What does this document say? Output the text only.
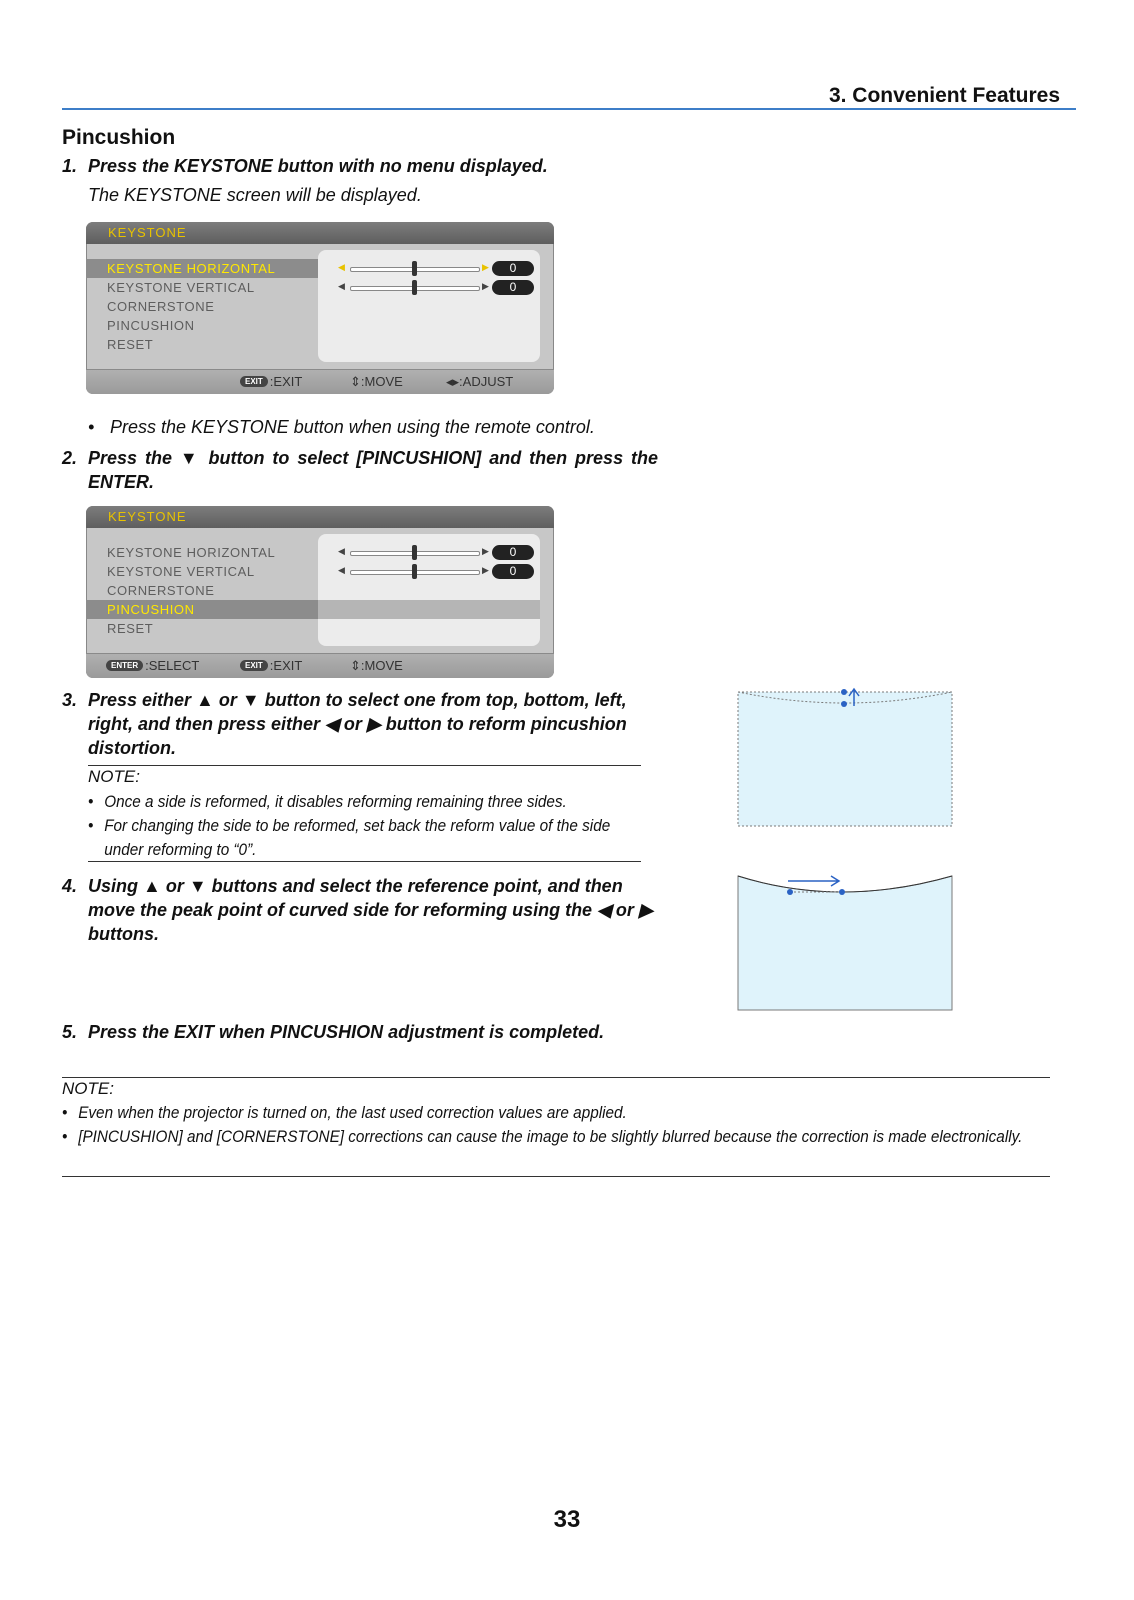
3. Convenient Features
Pincushion
1. Press the KEYSTONE button with no menu displayed.
The KEYSTONE screen will be displayed.
KEYSTONE
KEYSTONE HORIZONTAL
KEYSTONE VERTICAL
CORNERSTONE
PINCUSHION
RESET
◀	▶	0
◀	▶	0
EXIT :EXIT	⇕:MOVE	◂▸:ADJUST
• Press the KEYSTONE button when using the remote control.
2. Press the ▼ button to select [PINCUSHION] and then press the ENTER.
KEYSTONE
KEYSTONE HORIZONTAL
KEYSTONE VERTICAL
CORNERSTONE
PINCUSHION
RESET
◀	▶	0
◀	▶	0
ENTER :SELECT	EXIT :EXIT	⇕:MOVE
3. Press either ▲ or ▼ button to select one from top, bottom, left, right, and then press either ◀ or ▶ button to reform pincushion distortion.
NOTE:
• Once a side is reformed, it disables reforming remaining three sides.
• For changing the side to be reformed, set back the reform value of the side under reforming to “0”.
4. Using ▲ or ▼ buttons and select the reference point, and then move the peak point of curved side for reforming using the ◀ or ▶ buttons.
5. Press the EXIT when PINCUSHION adjustment is completed.
NOTE:
• Even when the projector is turned on, the last used correction values are applied.
• [PINCUSHION] and [CORNERSTONE] corrections can cause the image to be slightly blurred because the correction is made electronically.
33
